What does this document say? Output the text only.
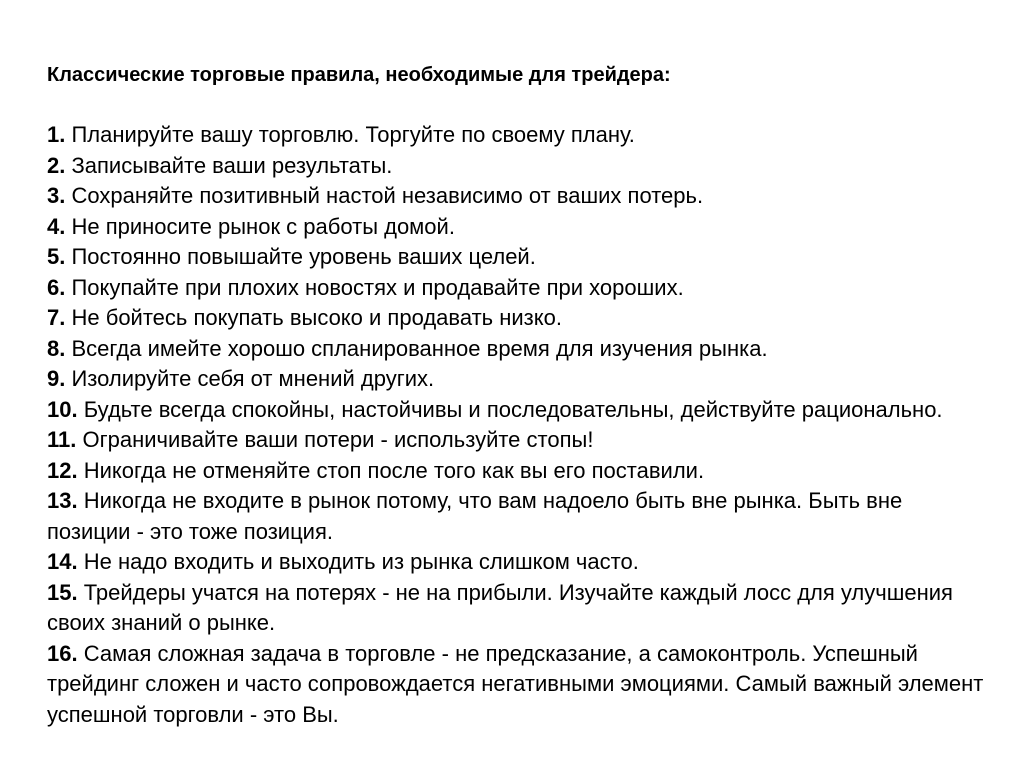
Классические торговые правила, необходимые для трейдера:
1. Планируйте вашу торговлю. Торгуйте по своему плану.
2. Записывайте ваши результаты.
3. Сохраняйте позитивный настой независимо от ваших потерь.
4. Не приносите рынок с работы домой.
5. Постоянно повышайте уровень ваших целей.
6. Покупайте при плохих новостях и продавайте при хороших.
7. Не бойтесь покупать высоко и продавать низко.
8. Всегда имейте хорошо спланированное время для изучения рынка.
9. Изолируйте себя от мнений других.
10. Будьте всегда спокойны, настойчивы и последовательны, действуйте рационально.
11. Ограничивайте ваши потери - используйте стопы!
12. Никогда не отменяйте стоп после того как вы его поставили.
13. Никогда не входите в рынок потому, что вам надоело быть вне рынка. Быть вне позиции - это тоже позиция.
14. Не надо входить и выходить из рынка слишком часто.
15. Трейдеры учатся на потерях - не на прибыли. Изучайте каждый лосс для улучшения своих знаний о рынке.
16. Самая сложная задача в торговле - не предсказание, а самоконтроль. Успешный трейдинг сложен и часто сопровождается негативными эмоциями. Самый важный элемент успешной торговли - это Вы.
